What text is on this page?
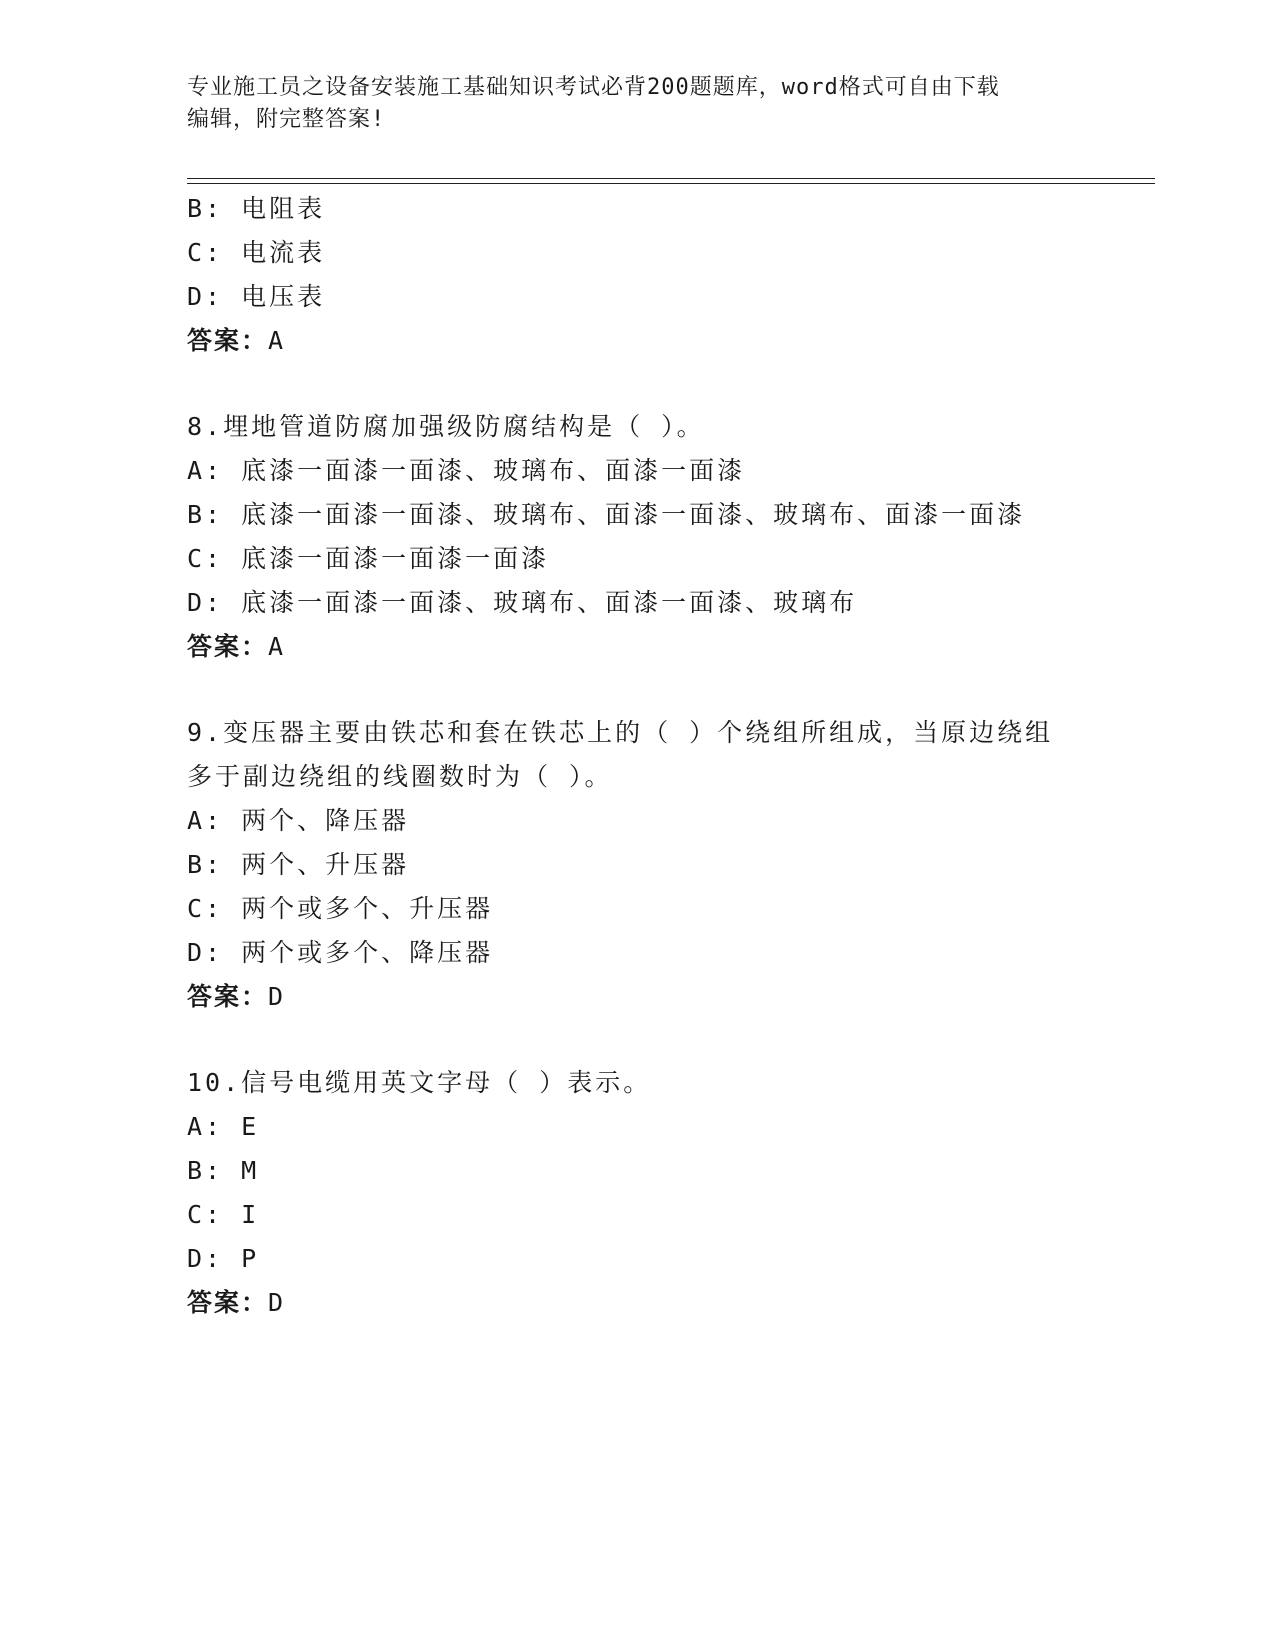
专业施工员之设备安装施工基础知识考试必背200题题库，word格式可自由下载
编辑，附完整答案!
B: 电阻表
C: 电流表
D: 电压表
答案：A
8.埋地管道防腐加强级防腐结构是（ ）。
A: 底漆一面漆一面漆、玻璃布、面漆一面漆
B: 底漆一面漆一面漆、玻璃布、面漆一面漆、玻璃布、面漆一面漆
C: 底漆一面漆一面漆一面漆
D: 底漆一面漆一面漆、玻璃布、面漆一面漆、玻璃布
答案：A
9.变压器主要由铁芯和套在铁芯上的（ ）个绕组所组成，当原边绕组
多于副边绕组的线圈数时为（ ）。
A: 两个、降压器
B: 两个、升压器
C: 两个或多个、升压器
D: 两个或多个、降压器
答案：D
10.信号电缆用英文字母（ ）表示。
A: E
B: M
C: I
D: P
答案：D
